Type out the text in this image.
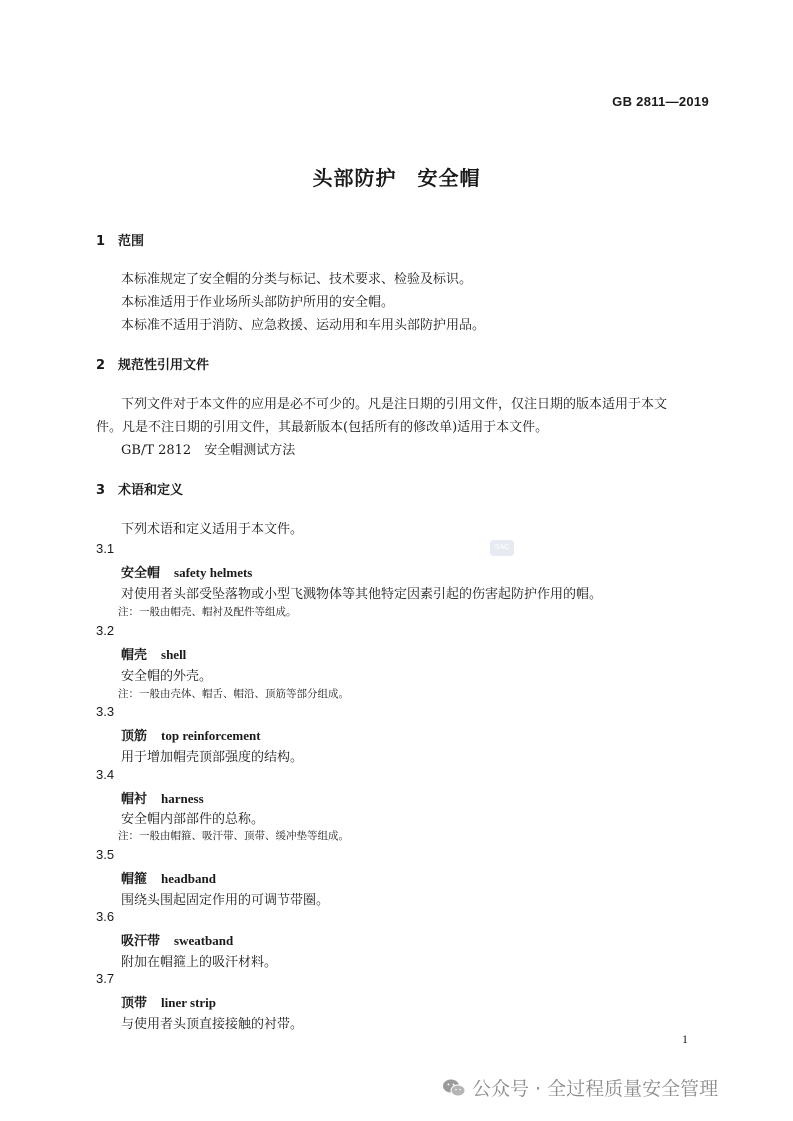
GB 2811—2019
头部防护　安全帽
1 范围
本标准规定了安全帽的分类与标记、技术要求、检验及标识。
本标准适用于作业场所头部防护所用的安全帽。
本标准不适用于消防、应急救援、运动用和车用头部防护用品。
2 规范性引用文件
下列文件对于本文件的应用是必不可少的。凡是注日期的引用文件，仅注日期的版本适用于本文
件。凡是不注日期的引用文件，其最新版本(包括所有的修改单)适用于本文件。
GB/T 2812　安全帽测试方法
3 术语和定义
下列术语和定义适用于本文件。
3.1
安全帽 safety helmets
对使用者头部受坠落物或小型飞溅物体等其他特定因素引起的伤害起防护作用的帽。
注：一般由帽壳、帽衬及配件等组成。
3.2
帽壳 shell
安全帽的外壳。
注：一般由壳体、帽舌、帽沿、顶筋等部分组成。
3.3
顶筋 top reinforcement
用于增加帽壳顶部强度的结构。
3.4
帽衬 harness
安全帽内部部件的总称。
注：一般由帽箍、吸汗带、顶带、缓冲垫等组成。
3.5
帽箍 headband
围绕头围起固定作用的可调节带圈。
3.6
吸汗带 sweatband
附加在帽箍上的吸汗材料。
3.7
顶带 liner strip
与使用者头顶直接接触的衬带。
1
SAC
公众号 · 全过程质量安全管理
